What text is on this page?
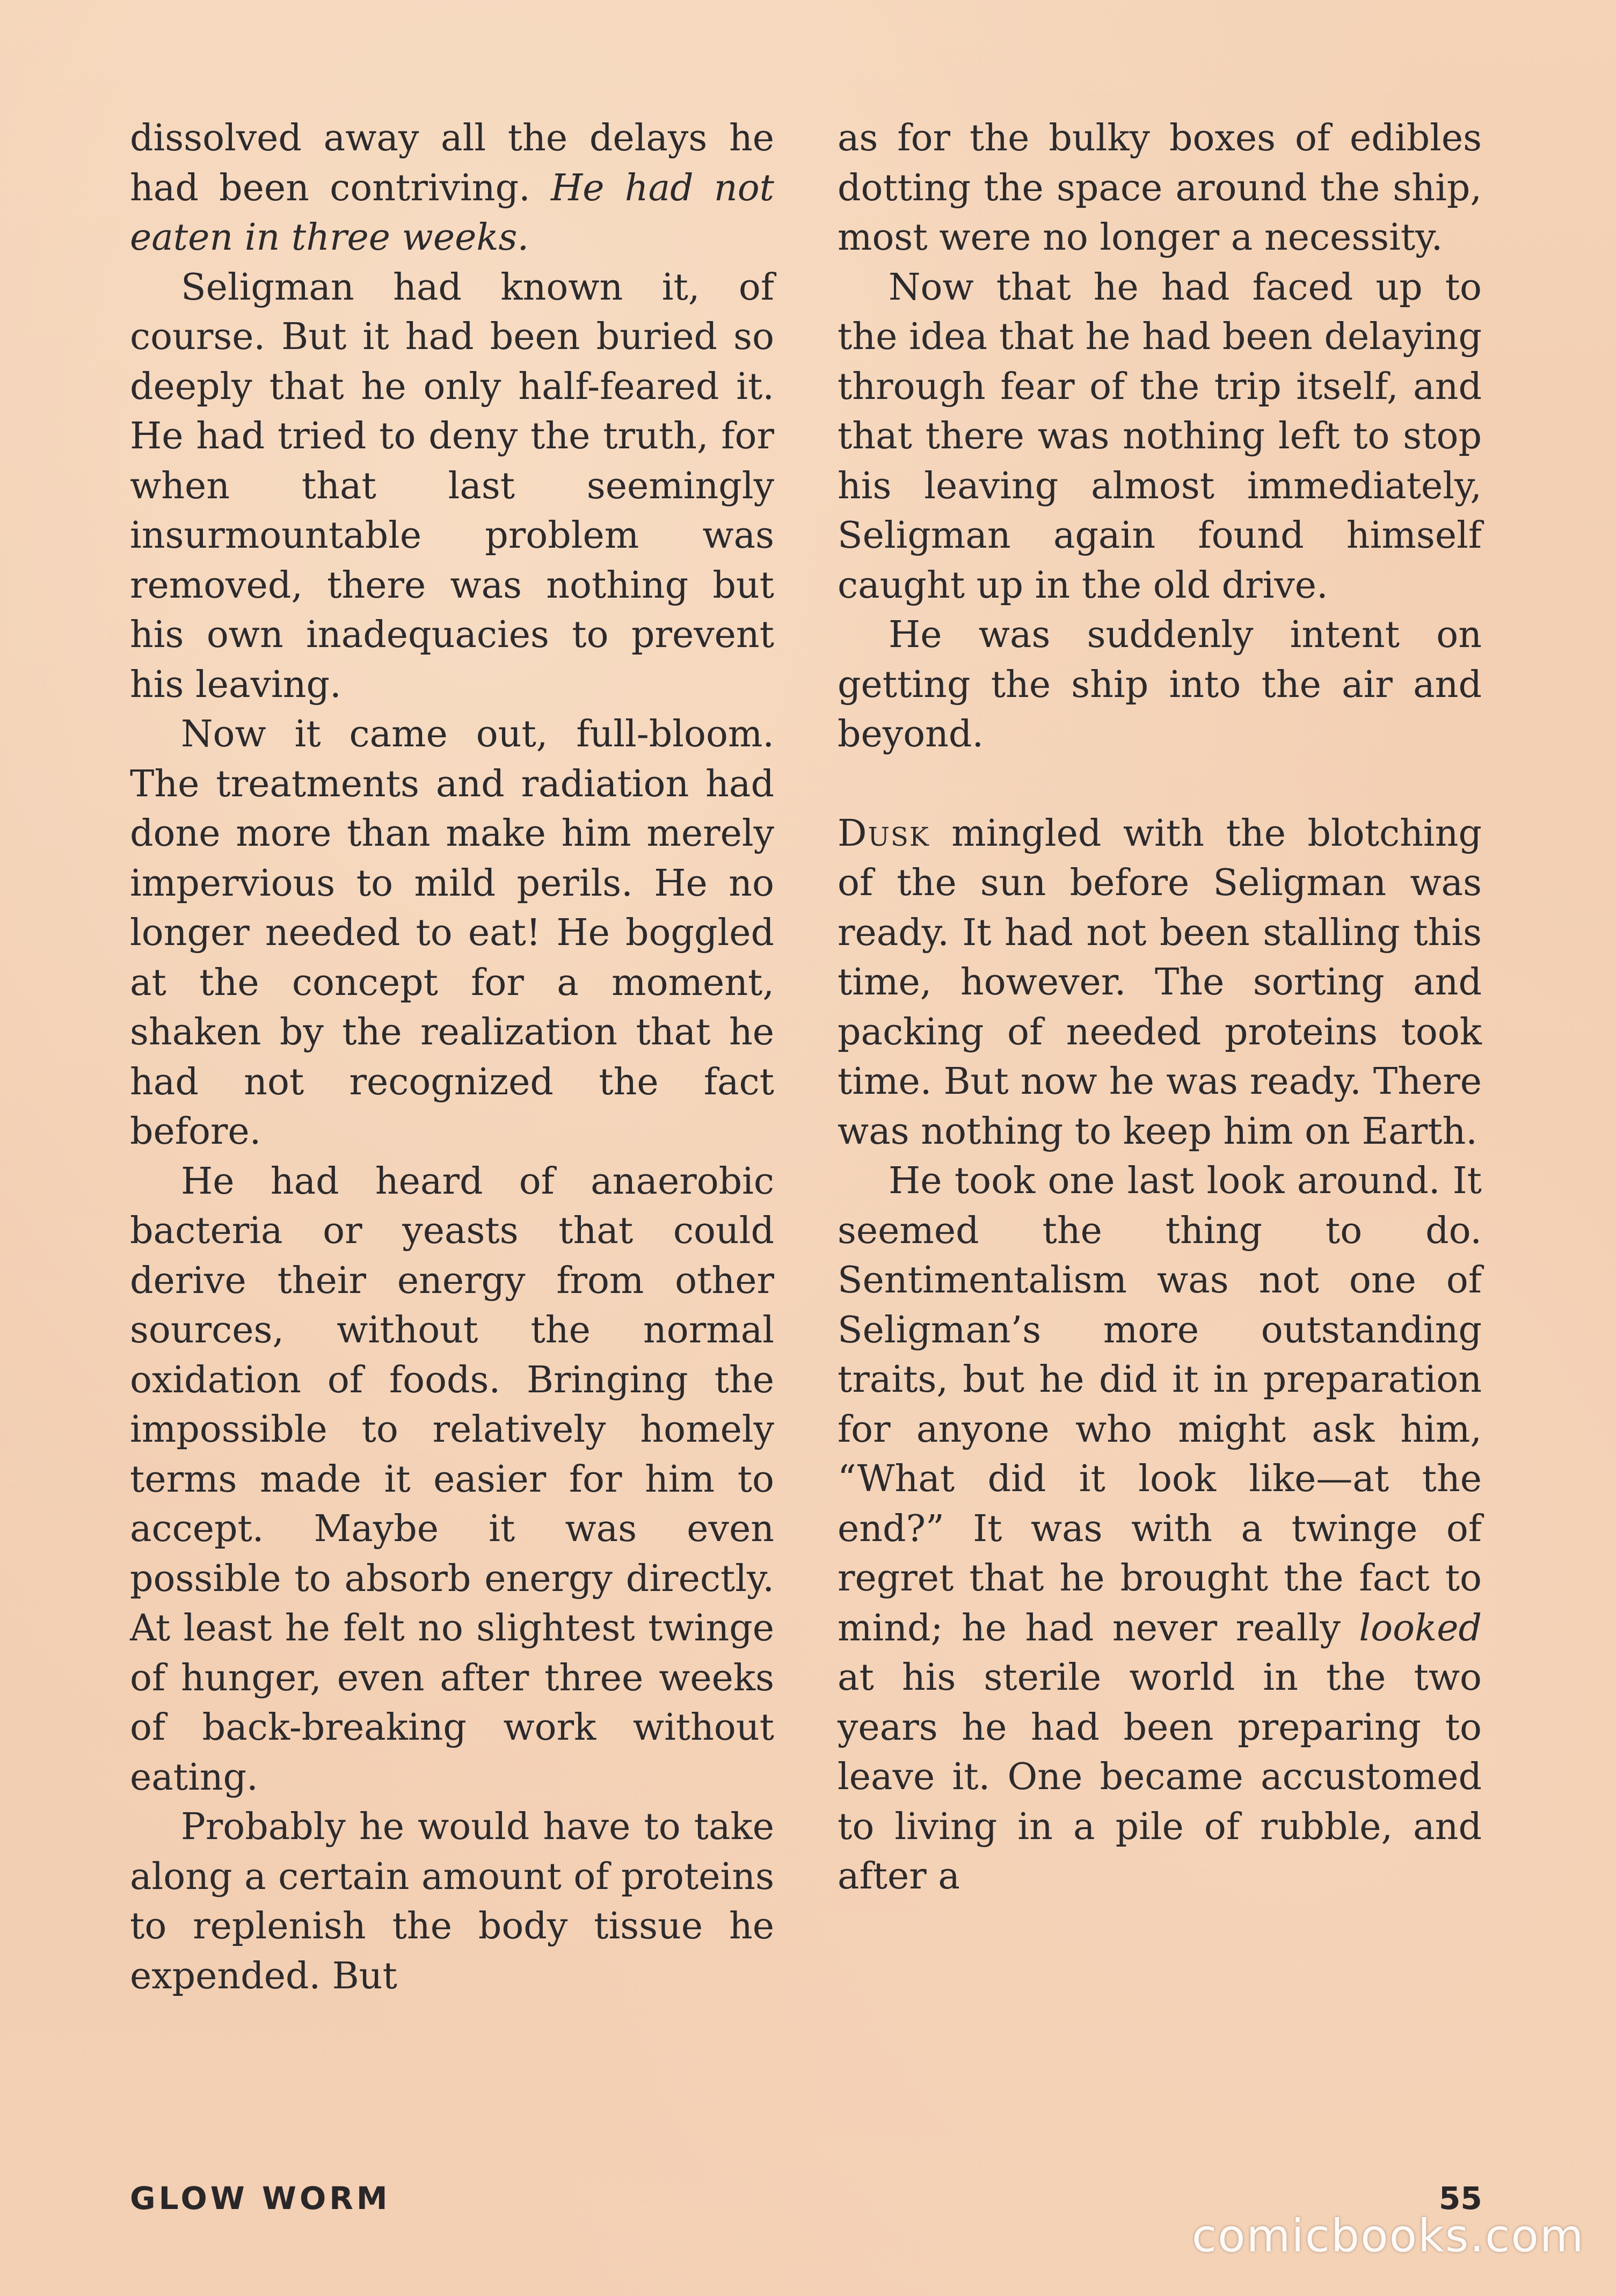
dissolved away all the delays he had been contriving. He had not eaten in three weeks.

Seligman had known it, of course. But it had been buried so deeply that he only half-feared it. He had tried to deny the truth, for when that last seemingly insurmountable problem was removed, there was nothing but his own inadequacies to prevent his leaving.

Now it came out, full-bloom. The treatments and radiation had done more than make him merely impervious to mild perils. He no longer needed to eat! He boggled at the concept for a moment, shaken by the realization that he had not recognized the fact before.

He had heard of anaerobic bacteria or yeasts that could derive their energy from other sources, without the normal oxidation of foods. Bringing the impossible to relatively homely terms made it easier for him to accept. Maybe it was even possible to absorb energy directly. At least he felt no slightest twinge of hunger, even after three weeks of back-breaking work without eating.

Probably he would have to take along a certain amount of proteins to replenish the body tissue he expended. But

as for the bulky boxes of edibles dotting the space around the ship, most were no longer a necessity.

Now that he had faced up to the idea that he had been delaying through fear of the trip itself, and that there was nothing left to stop his leaving almost immediately, Seligman again found himself caught up in the old drive.

He was suddenly intent on getting the ship into the air and beyond.

Dusk mingled with the blotching of the sun before Seligman was ready. It had not been stalling this time, however. The sorting and packing of needed proteins took time. But now he was ready. There was nothing to keep him on Earth.

He took one last look around. It seemed the thing to do. Sentimentalism was not one of Seligman’s more outstanding traits, but he did it in preparation for anyone who might ask him, “What did it look like—at the end?” It was with a twinge of regret that he brought the fact to mind; he had never really looked at his sterile world in the two years he had been preparing to leave it. One became accustomed to living in a pile of rubble, and after a

GLOW WORM	55
comicbooks.com
